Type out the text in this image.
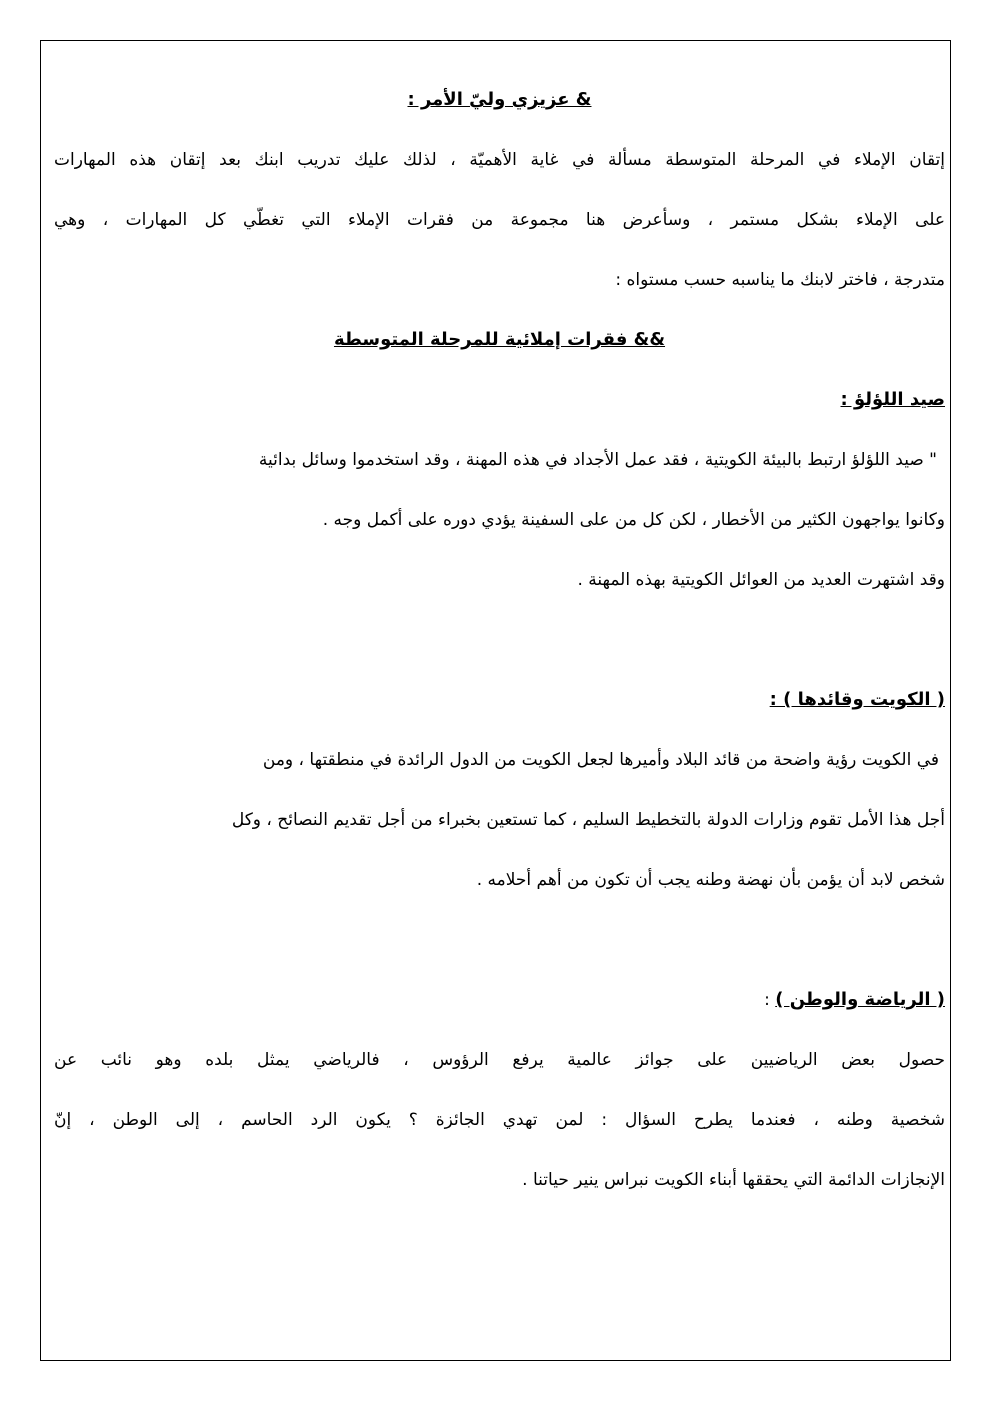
& عزيزي وليّ الأمر :
إتقان الإملاء في المرحلة المتوسطة مسألة في غاية الأهميّة ، لذلك عليك تدريب ابنك بعد إتقان هذه المهارات
على الإملاء بشكل مستمر ، وسأعرض هنا مجموعة من فقرات الإملاء التي تغطّي كل المهارات ، وهي
متدرجة ، فاختر لابنك ما يناسبه حسب مستواه :
&& فقرات إملائية للمرحلة المتوسطة
صيد اللؤلؤ :
" صيد اللؤلؤ ارتبط بالبيئة الكويتية ، فقد عمل الأجداد في هذه المهنة ، وقد استخدموا وسائل بدائية
وكانوا يواجهون الكثير من الأخطار ، لكن كل من على السفينة يؤدي دوره على أكمل وجه .
وقد اشتهرت العديد من العوائل الكويتية بهذه المهنة .
( الكويت وقائدها ) :
في الكويت رؤية واضحة من قائد البلاد وأميرها لجعل الكويت من الدول الرائدة في منطقتها ، ومن
أجل هذا الأمل تقوم وزارات الدولة بالتخطيط السليم ، كما تستعين بخبراء من أجل تقديم النصائح ، وكل
شخص لابد أن يؤمن بأن نهضة وطنه يجب أن تكون من أهم أحلامه .
( الرياضة والوطن ) :
حصول بعض الرياضيين على جوائز عالمية يرفع الرؤوس ، فالرياضي يمثل بلده وهو نائب عن
شخصية وطنه ، فعندما يطرح السؤال : لمن تهدي الجائزة ؟ يكون الرد الحاسم ، إلى الوطن ، إنّ
الإنجازات الدائمة التي يحققها أبناء الكويت نبراس ينير حياتنا .
